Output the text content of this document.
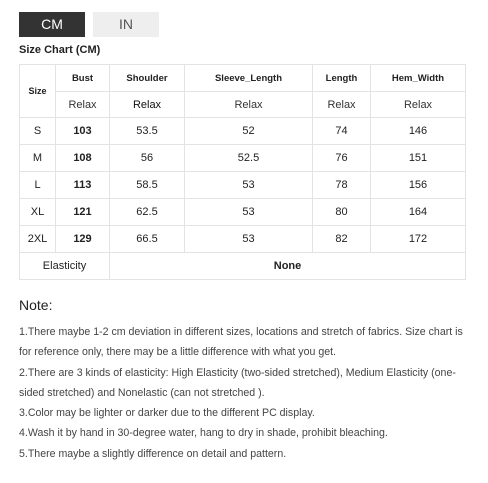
CM	IN
Size Chart (CM)
Size	Bust	Shoulder	Sleeve_Length	Length	Hem_Width
	Relax	Relax	Relax	Relax	Relax
S	103	53.5	52	74	146
M	108	56	52.5	76	151
L	113	58.5	53	78	156
XL	121	62.5	53	80	164
2XL	129	66.5	53	82	172
Elasticity		None			
Note:

1.There maybe 1-2 cm deviation in different sizes, locations and stretch of fabrics. Size chart is for reference only, there may be a little difference with what you get.

2.There are 3 kinds of elasticity: High Elasticity (two-sided stretched), Medium Elasticity (one-sided stretched) and Nonelastic (can not stretched ).

3.Color may be lighter or darker due to the different PC display.

4.Wash it by hand in 30-degree water, hang to dry in shade, prohibit bleaching.

5.There maybe a slightly difference on detail and pattern.
